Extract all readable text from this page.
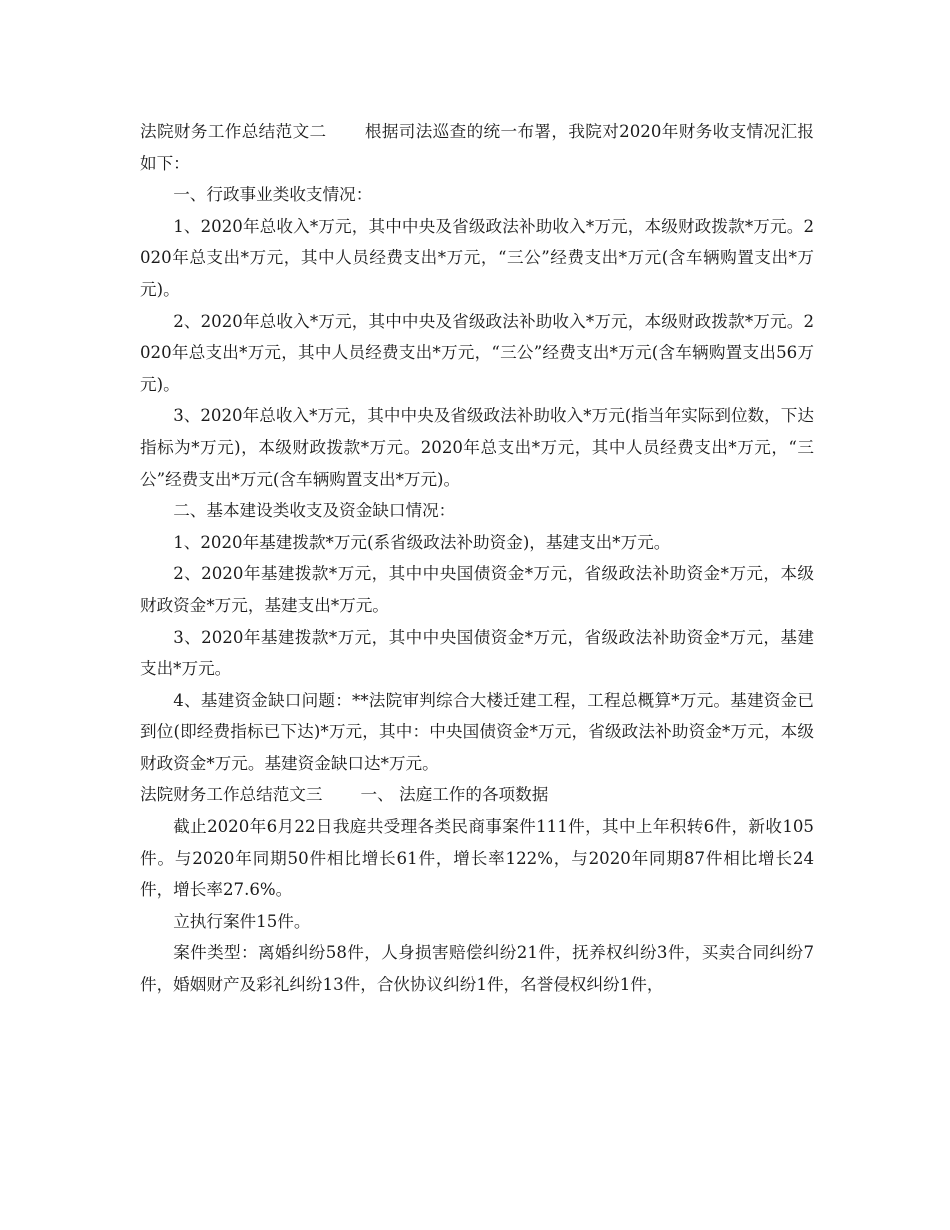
法院财务工作总结范文二 根据司法巡查的统一布署，我院对2020年财务收支情况汇报如下：

一、行政事业类收支情况：

1、2020年总收入*万元，其中中央及省级政法补助收入*万元，本级财政拨款*万元。2020年总支出*万元，其中人员经费支出*万元，“三公”经费支出*万元(含车辆购置支出*万元)。

2、2020年总收入*万元，其中中央及省级政法补助收入*万元，本级财政拨款*万元。2020年总支出*万元，其中人员经费支出*万元，“三公”经费支出*万元(含车辆购置支出56万元)。

3、2020年总收入*万元，其中中央及省级政法补助收入*万元(指当年实际到位数，下达指标为*万元)，本级财政拨款*万元。2020年总支出*万元，其中人员经费支出*万元，“三公”经费支出*万元(含车辆购置支出*万元)。

二、基本建设类收支及资金缺口情况：

1、2020年基建拨款*万元(系省级政法补助资金)，基建支出*万元。

2、2020年基建拨款*万元，其中中央国债资金*万元，省级政法补助资金*万元，本级财政资金*万元，基建支出*万元。

3、2020年基建拨款*万元，其中中央国债资金*万元，省级政法补助资金*万元，基建支出*万元。

4、基建资金缺口问题：**法院审判综合大楼迁建工程，工程总概算*万元。基建资金已到位(即经费指标已下达)*万元，其中：中央国债资金*万元，省级政法补助资金*万元，本级财政资金*万元。基建资金缺口达*万元。

法院财务工作总结范文三 一、 法庭工作的各项数据

截止2020年6月22日我庭共受理各类民商事案件111件，其中上年积转6件，新收105件。与2020年同期50件相比增长61件，增长率122%，与2020年同期87件相比增长24件，增长率27.6%。

立执行案件15件。

案件类型：离婚纠纷58件，人身损害赔偿纠纷21件，抚养权纠纷3件，买卖合同纠纷7件，婚姻财产及彩礼纠纷13件，合伙协议纠纷1件，名誉侵权纠纷1件，
